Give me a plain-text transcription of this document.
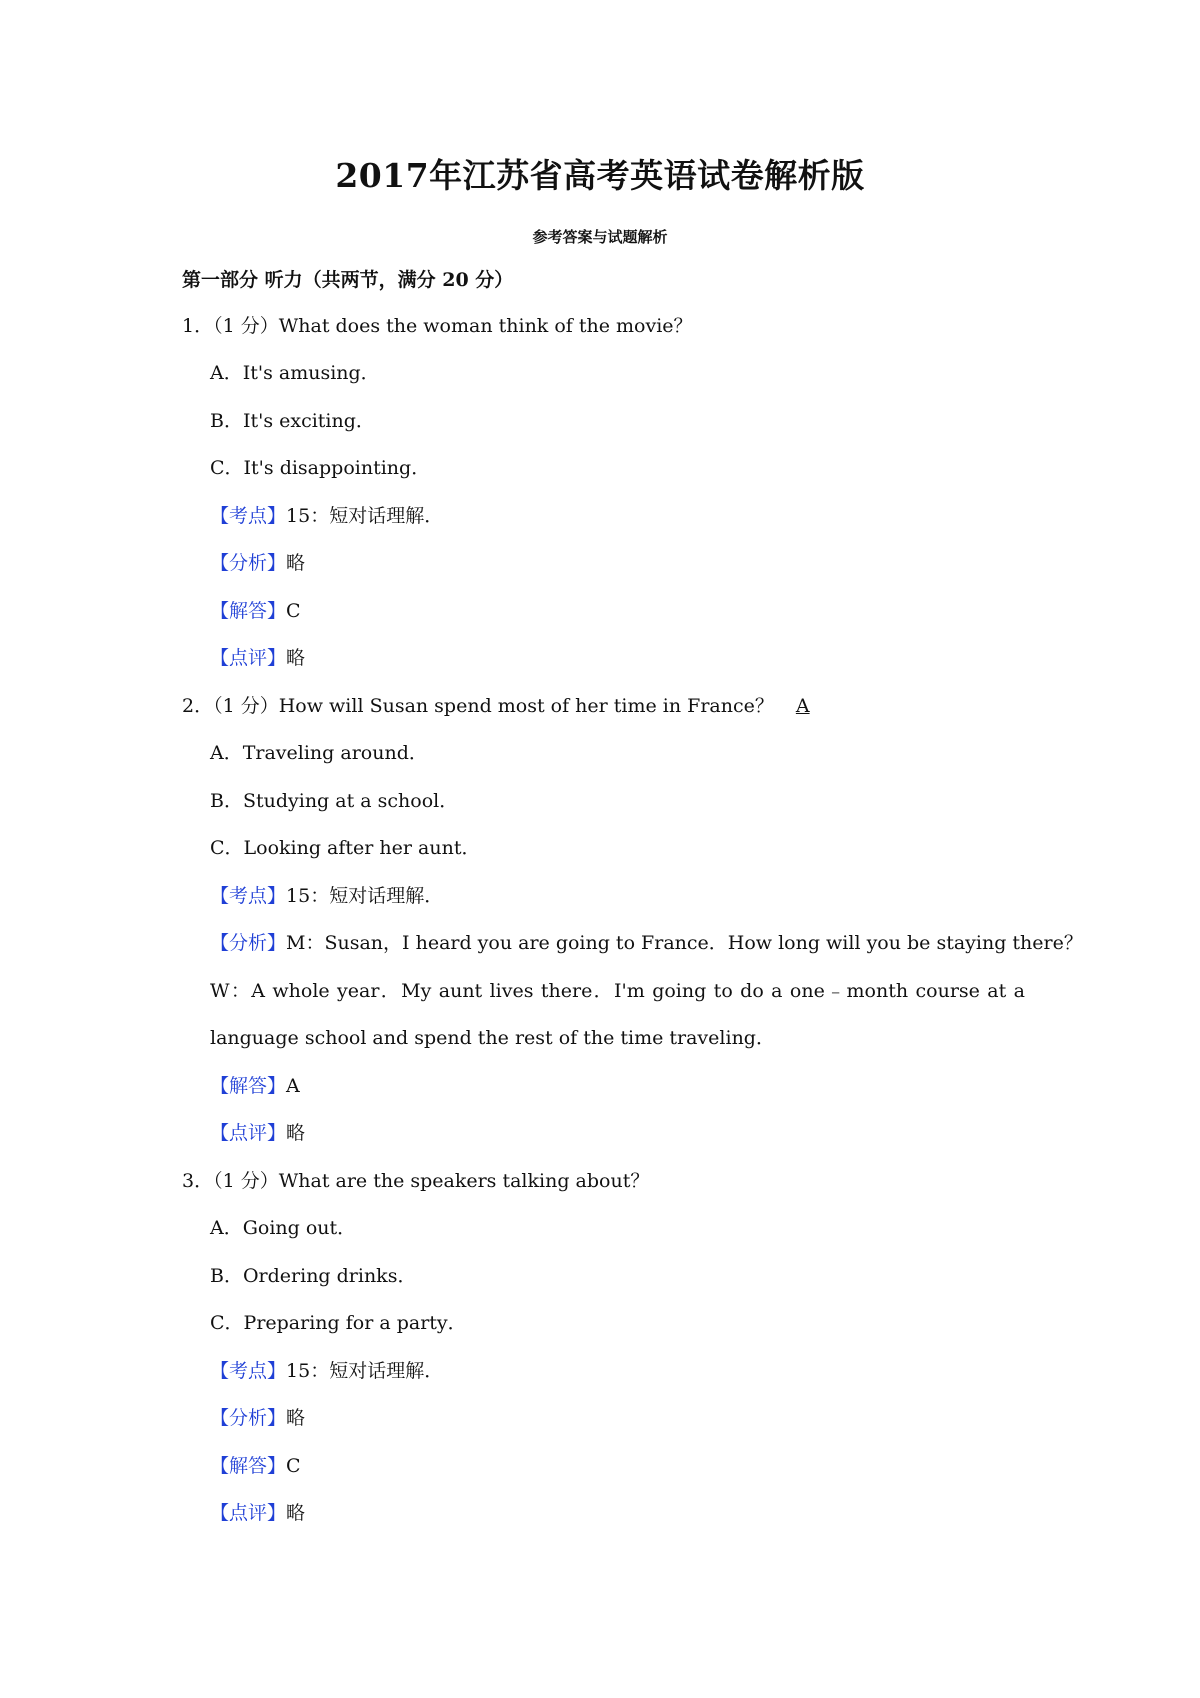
2017年江苏省高考英语试卷解析版
参考答案与试题解析
第一部分 听力（共两节，满分 20 分）
1．（1 分）What does the woman think of the movie？
A．It's amusing．
B．It's exciting．
C．It's disappointing．
【考点】15：短对话理解．
【分析】略
【解答】C
【点评】略
2．（1 分）How will Susan spend most of her time in France？ A
A．Traveling around．
B．Studying at a school．
C．Looking after her aunt．
【考点】15：短对话理解．
【分析】M：Susan，I heard you are going to France．How long will you be staying there？
W：A whole year．My aunt lives there．I'm going to do a one﹣month course at a
language school and spend the rest of the time traveling．
【解答】A
【点评】略
3．（1 分）What are the speakers talking about？
A．Going out．
B．Ordering drinks．
C．Preparing for a party．
【考点】15：短对话理解．
【分析】略
【解答】C
【点评】略
